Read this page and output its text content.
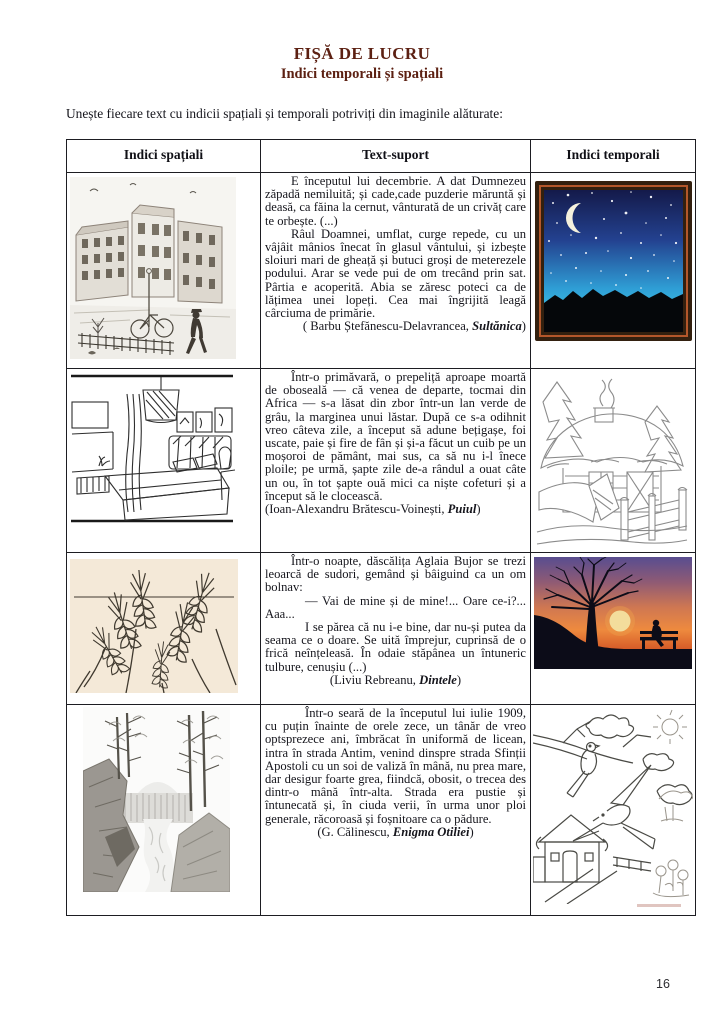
FIȘĂ DE LUCRU
Indici temporali și spațiali
Unește fiecare text cu indicii spațiali și temporali potriviți din imaginile alăturate:
Indici spațiali	Text-suport	Indici temporali

E începutul lui decembrie. A dat Dumnezeu zăpadă nemiluită; și cade,cade puzderie măruntă și deasă, ca făina la cernut, vânturată de un crivăț care te orbește. (...)

Râul Doamnei, umflat, curge repede, cu un vâjâit mânios înecat în glasul vântului, și izbește sloiuri mari de gheață și butuci groși de meterezele podului. Arar se vede pui de om trecând prin sat. Pârtia e acoperită. Abia se zăresc poteci ca de lățimea unei lopeți. Cea mai îngrijită leagă cârciuma de primărie.

( Barbu Ștefănescu-Delavrancea, Sultănica)

Într-o primăvară, o prepeliță aproape moartă de oboseală — că venea de departe, tocmai din Africa — s-a lăsat din zbor într-un lan verde de grâu, la marginea unui lăstar. După ce s-a odihnit vreo câteva zile, a început să adune bețigașe, foi uscate, paie și fire de fân și și-a făcut un cuib pe un moșoroi de pământ, mai sus, ca să nu i-l înece ploile; pe urmă, șapte zile de-a rândul a ouat câte un ou, în tot șapte ouă mici ca niște cofeturi și a început să le clocească.

(Ioan-Alexandru Brătescu-Voinești, Puiul)

Într-o noapte, dăscălița Aglaia Bujor se trezi leoarcă de sudori, gemând și bâiguind ca un om bolnav:

— Vai de mine și de mine!... Oare ce-i?... Aaa...

I se părea că nu i-e bine, dar nu-și putea da seama ce o doare. Se uită împrejur, cuprinsă de o frică neînțeleasă. În odaie stăpânea un întuneric tulbure, cenușiu (...)

(Liviu Rebreanu, Dintele)

Într-o seară de la începutul lui iulie 1909, cu puțin înainte de orele zece, un tânăr de vreo optsprezece ani, îmbrăcat în uniformă de licean, intra în strada Antim, venind dinspre strada Sfinții Apostoli cu un soi de valiză în mână, nu prea mare, dar desigur foarte grea, fiindcă, obosit, o trecea des dintr-o mână într-alta. Strada era pustie și întunecată și, în ciuda verii, în urma unor ploi generale, răcoroasă și foșnitoare ca o pădure.

(G. Călinescu, Enigma Otiliei)

16
